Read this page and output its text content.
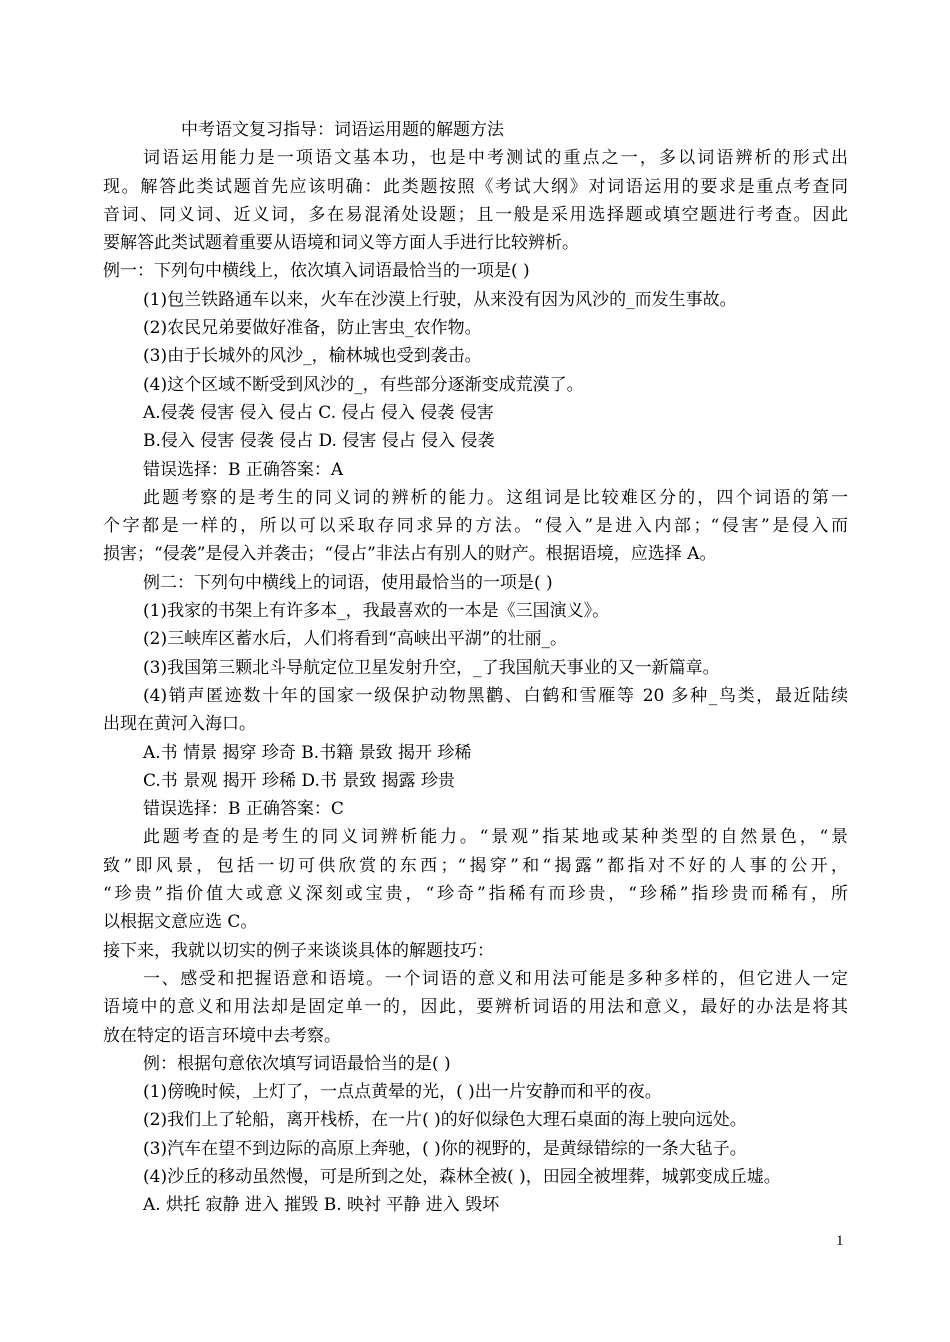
中考语文复习指导：词语运用题的解题方法
词语运用能力是一项语文基本功，也是中考测试的重点之一，多以词语辨析的形式出
现。解答此类试题首先应该明确：此类题按照《考试大纲》对词语运用的要求是重点考查同
音词、同义词、近义词，多在易混淆处设题；且一般是采用选择题或填空题进行考查。因此
要解答此类试题着重要从语境和词义等方面人手进行比较辨析。
例一：下列句中横线上，依次填入词语最恰当的一项是( )
(1)包兰铁路通车以来，火车在沙漠上行驶，从来没有因为风沙的_而发生事故。
(2)农民兄弟要做好准备，防止害虫_农作物。
(3)由于长城外的风沙_，榆林城也受到袭击。
(4)这个区域不断受到风沙的_，有些部分逐渐变成荒漠了。
A.侵袭 侵害 侵入 侵占 C. 侵占 侵入 侵袭 侵害
B.侵入 侵害 侵袭 侵占 D. 侵害 侵占 侵入 侵袭
错误选择：B 正确答案：A
此题考察的是考生的同义词的辨析的能力。这组词是比较难区分的，四个词语的第一
个字都是一样的，所以可以采取存同求异的方法。“侵入”是进入内部；“侵害”是侵入而
损害；“侵袭”是侵入并袭击；“侵占”非法占有别人的财产。根据语境，应选择 A。
例二：下列句中横线上的词语，使用最恰当的一项是( )
(1)我家的书架上有许多本_，我最喜欢的一本是《三国演义》。
(2)三峡库区蓄水后，人们将看到“高峡出平湖”的壮丽_。
(3)我国第三颗北斗导航定位卫星发射升空，_了我国航天事业的又一新篇章。
(4)销声匿迹数十年的国家一级保护动物黑鹳、白鹤和雪雁等 20 多种_鸟类，最近陆续
出现在黄河入海口。
A.书 情景 揭穿 珍奇 B.书籍 景致 揭开 珍稀
C.书 景观 揭开 珍稀 D.书 景致 揭露 珍贵
错误选择：B 正确答案：C
此题考查的是考生的同义词辨析能力。“景观”指某地或某种类型的自然景色，“景
致”即风景，包括一切可供欣赏的东西；“揭穿”和“揭露”都指对不好的人事的公开，
“珍贵”指价值大或意义深刻或宝贵，“珍奇”指稀有而珍贵，“珍稀”指珍贵而稀有，所
以根据文意应选 C。
接下来，我就以切实的例子来谈谈具体的解题技巧：
一、感受和把握语意和语境。一个词语的意义和用法可能是多种多样的，但它进人一定
语境中的意义和用法却是固定单一的，因此，要辨析词语的用法和意义，最好的办法是将其
放在特定的语言环境中去考察。
例：根据句意依次填写词语最恰当的是( )
(1)傍晚时候，上灯了，一点点黄晕的光，( )出一片安静而和平的夜。
(2)我们上了轮船，离开栈桥，在一片( )的好似绿色大理石桌面的海上驶向远处。
(3)汽车在望不到边际的高原上奔驰，( )你的视野的，是黄绿错综的一条大毡子。
(4)沙丘的移动虽然慢，可是所到之处，森林全被( )，田园全被埋葬，城郭变成丘墟。
A. 烘托 寂静 进入 摧毁 B. 映衬 平静 进入 毁坏
1
